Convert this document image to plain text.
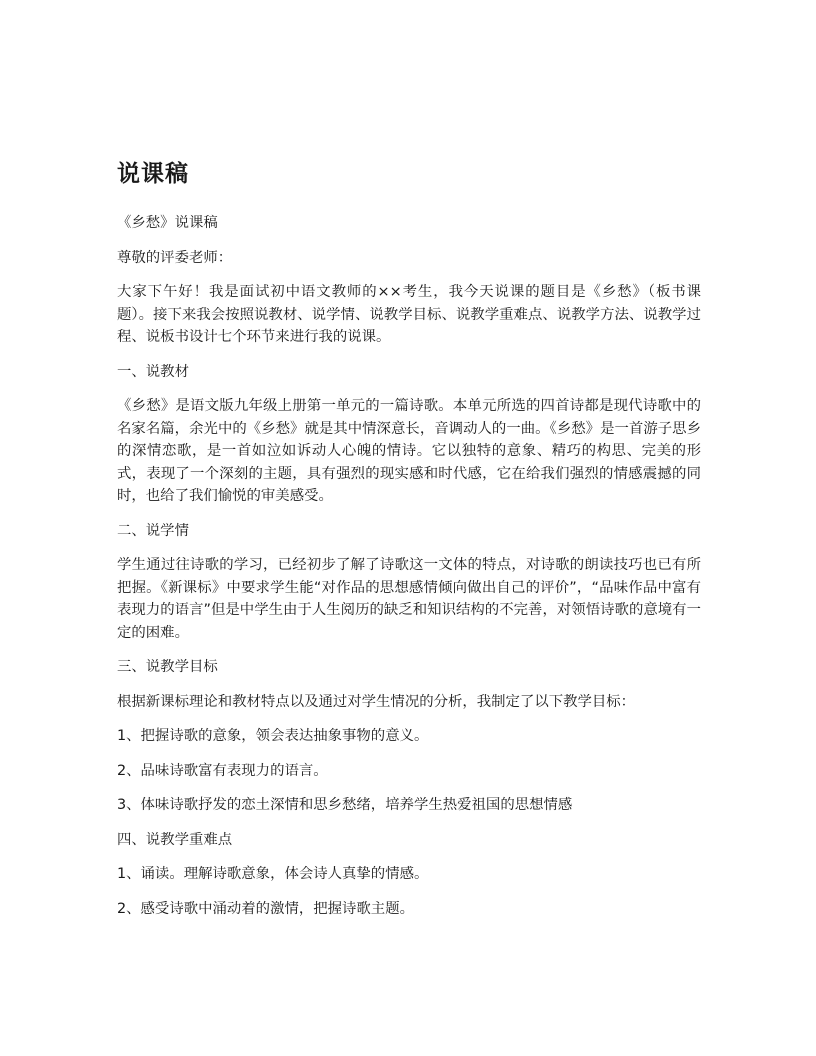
说课稿

《乡愁》说课稿

尊敬的评委老师：

大家下午好！我是面试初中语文教师的××考生，我今天说课的题目是《乡愁》（板书课题）。接下来我会按照说教材、说学情、说教学目标、说教学重难点、说教学方法、说教学过程、说板书设计七个环节来进行我的说课。

一、说教材

《乡愁》是语文版九年级上册第一单元的一篇诗歌。本单元所选的四首诗都是现代诗歌中的名家名篇，余光中的《乡愁》就是其中情深意长，音调动人的一曲。《乡愁》是一首游子思乡的深情恋歌，是一首如泣如诉动人心魄的情诗。它以独特的意象、精巧的构思、完美的形式，表现了一个深刻的主题，具有强烈的现实感和时代感，它在给我们强烈的情感震撼的同时，也给了我们愉悦的审美感受。

二、说学情

学生通过往诗歌的学习，已经初步了解了诗歌这一文体的特点，对诗歌的朗读技巧也已有所把握。《新课标》中要求学生能“对作品的思想感情倾向做出自己的评价”，“品味作品中富有表现力的语言”但是中学生由于人生阅历的缺乏和知识结构的不完善，对领悟诗歌的意境有一定的困难。

三、说教学目标

根据新课标理论和教材特点以及通过对学生情况的分析，我制定了以下教学目标：

1、把握诗歌的意象，领会表达抽象事物的意义。

2、品味诗歌富有表现力的语言。

3、体味诗歌抒发的恋土深情和思乡愁绪，培养学生热爱祖国的思想情感

四、说教学重难点

1、诵读。理解诗歌意象，体会诗人真挚的情感。

2、感受诗歌中涌动着的激情，把握诗歌主题。
